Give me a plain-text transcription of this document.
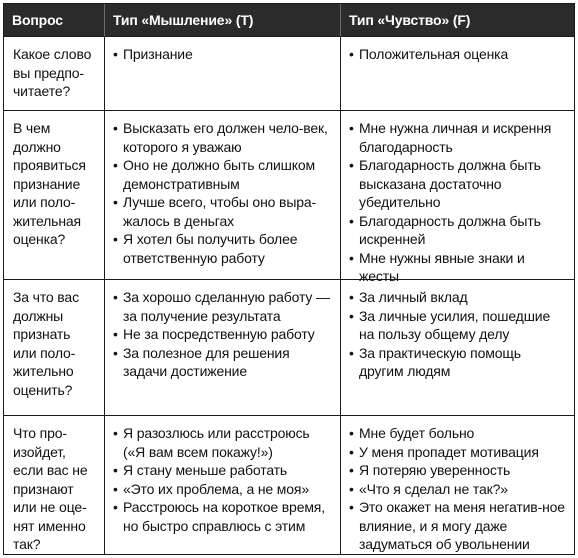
Вопрос	Тип «Мышление» (T)	Тип «Чувство» (F)
Какое слово вы предпо-читаете?
• Признание
•	Положительная оценка
В чем должно проявиться признание или поло-жительная оценка?
• Высказать его должен чело-век, которого я уважаю
• Оно не должно быть слишком демонстративным
• Лучше всего, чтобы оно выра-жалось в деньгах
• Я хотел бы получить более ответственную работу
• Мне нужна личная и искрення благодарность
• Благодарность должна быть высказана достаточно убедительно
• Благодарность должна быть искренней
• Мне нужны явные знаки и жесты
За что вас должны признать или поло-жительно оценить?
• За хорошо сделанную работу — за получение результата
• Не за посредственную работу
• За полезное для решения задачи достижение
• За личный вклад
• За личные усилия, пошедшие на пользу общему делу
• За практическую помощь другим людям
Что про-изойдет, если вас не признают или не оце-нят именно так?
• Я разозлюсь или расстроюсь («Я вам всем покажу!»)
• Я стану меньше работать
• «Это их проблема, а не моя»
• Расстроюсь на короткое время, но быстро справлюсь с этим
• Мне будет больно
• У меня пропадет мотивация
• Я потеряю уверенность
• «Что я сделал не так?»
• Это окажет на меня негатив-ное влияние, и я могу даже задуматься об увольнении
